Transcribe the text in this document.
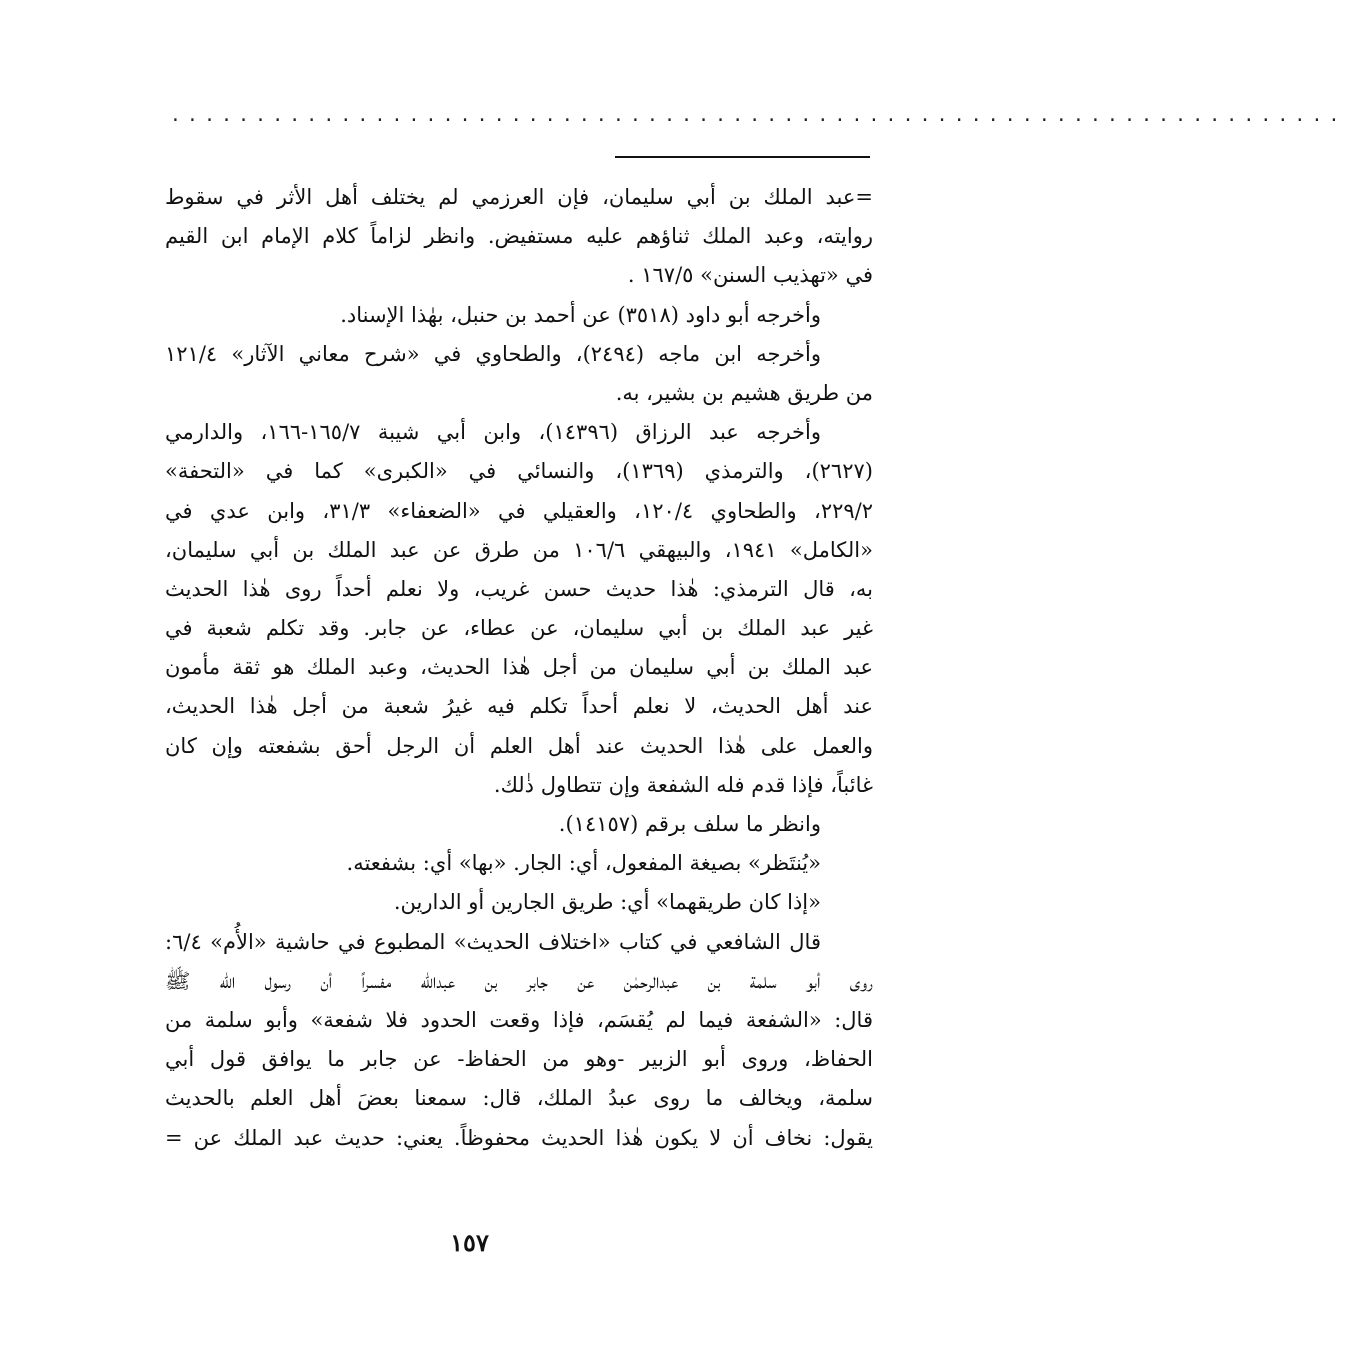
.....................................................................
=عبد الملك بن أبي سليمان، فإن العرزمي لم يختلف أهل الأثر في سقوط
روايته، وعبد الملك ثناؤهم عليه مستفيض. وانظر لزاماً كلام الإمام ابن القيم
في «تهذيب السنن» ٥/‏١٦٧ .
وأخرجه أبو داود (٣٥١٨) عن أحمد بن حنبل، بهٰذا الإسناد.
وأخرجه ابن ماجه (٢٤٩٤)، والطحاوي في «شرح معاني الآثار» ٤/‏١٢١
من طريق هشيم بن بشير، به.
وأخرجه عبد الرزاق (١٤٣٩٦)، وابن أبي شيبة ٧/‏١٦٥-١٦٦، والدارمي
(٢٦٢٧)، والترمذي (١٣٦٩)، والنسائي في «الكبرى» كما في «التحفة»
٢/‏٢٢٩، والطحاوي ٤/‏١٢٠، والعقيلي في «الضعفاء» ٣/‏٣١، وابن عدي في
«الكامل» ١٩٤١، والبيهقي ٦/‏١٠٦ من طرق عن عبد الملك بن أبي سليمان،
به، قال الترمذي: هٰذا حديث حسن غريب، ولا نعلم أحداً روى هٰذا الحديث
غير عبد الملك بن أبي سليمان، عن عطاء، عن جابر. وقد تكلم شعبة في
عبد الملك بن أبي سليمان من أجل هٰذا الحديث، وعبد الملك هو ثقة مأمون
عند أهل الحديث، لا نعلم أحداً تكلم فيه غيرُ شعبة من أجل هٰذا الحديث،
والعمل على هٰذا الحديث عند أهل العلم أن الرجل أحق بشفعته وإن كان
غائباً، فإذا قدم فله الشفعة وإن تتطاول ذٰلك.
وانظر ما سلف برقم (١٤١٥٧).
«يُنتَظر» بصيغة المفعول، أي: الجار. «بها» أي: بشفعته.
«إذا كان طريقهما» أي: طريق الجارين أو الدارين.
قال الشافعي في كتاب «اختلاف الحديث» المطبوع في حاشية «الأُم» ٤/‏٦:
روى أبو سلمة بن عبدالرحمٰن عن جابر بن عبدالله مفسراً أن رسول الله ﷺ
قال: «الشفعة فيما لم يُقسَم، فإذا وقعت الحدود فلا شفعة» وأبو سلمة من
الحفاظ، وروى أبو الزبير -وهو من الحفاظ- عن جابر ما يوافق قول أبي
سلمة، ويخالف ما روى عبدُ الملك، قال: سمعنا بعضَ أهل العلم بالحديث
يقول: نخاف أن لا يكون هٰذا الحديث محفوظاً. يعني: حديث عبد الملك عن =
١٥٧
